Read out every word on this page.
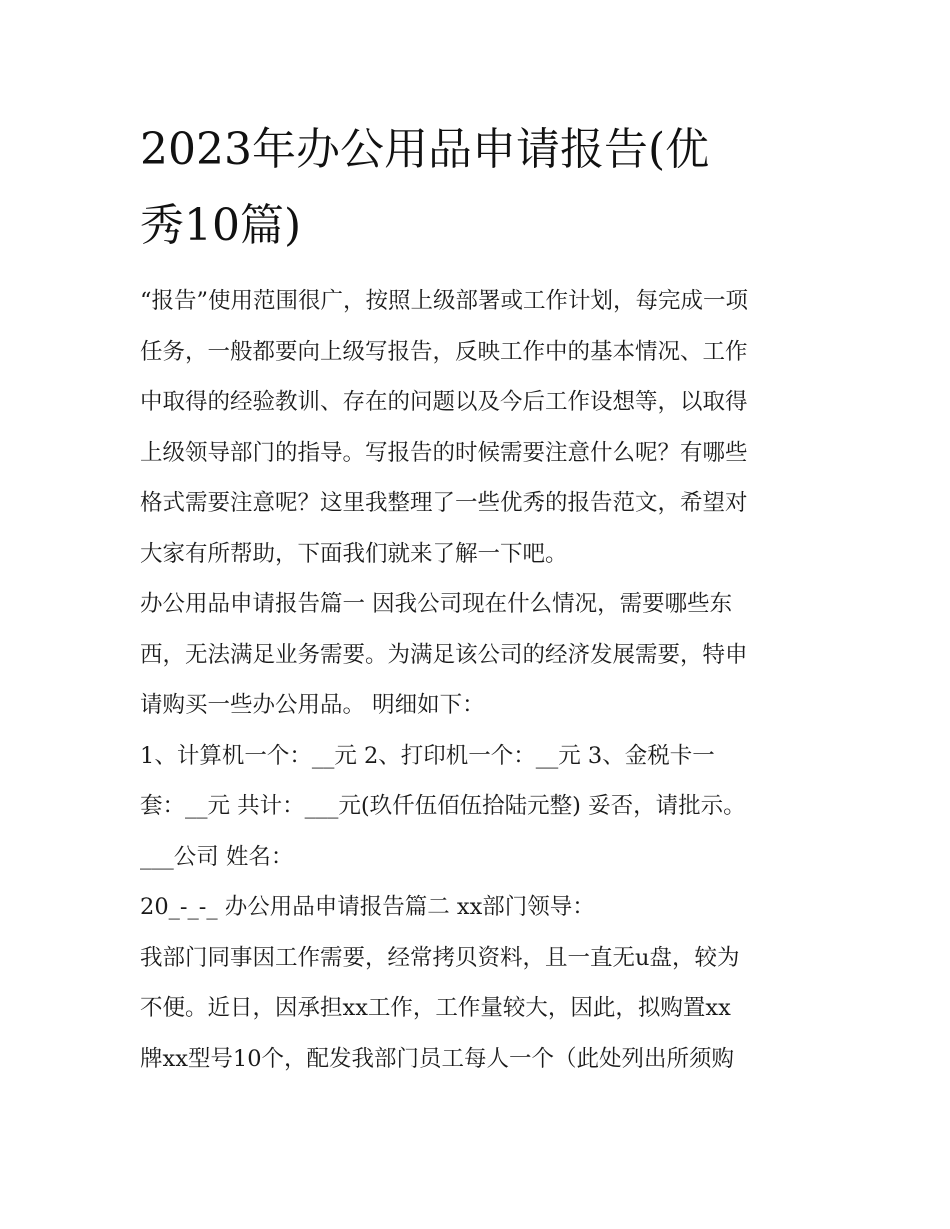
2023年办公用品申请报告(优
秀10篇)
“报告”使用范围很广，按照上级部署或工作计划，每完成一项
任务，一般都要向上级写报告，反映工作中的基本情况、工作
中取得的经验教训、存在的问题以及今后工作设想等，以取得
上级领导部门的指导。写报告的时候需要注意什么呢？有哪些
格式需要注意呢？这里我整理了一些优秀的报告范文，希望对
大家有所帮助，下面我们就来了解一下吧。
办公用品申请报告篇一 因我公司现在什么情况，需要哪些东
西，无法满足业务需要。为满足该公司的经济发展需要，特申
请购买一些办公用品。 明细如下：
1、计算机一个：__元 2、打印机一个：__元 3、金税卡一
套：__元 共计：___元(玖仟伍佰伍拾陆元整) 妥否，请批示。
___公司 姓名：
20_-_-_ 办公用品申请报告篇二 xx部门领导：
我部门同事因工作需要，经常拷贝资料，且一直无u盘，较为
不便。近日，因承担xx工作，工作量较大，因此，拟购置xx
牌xx型号10个，配发我部门员工每人一个（此处列出所须购
